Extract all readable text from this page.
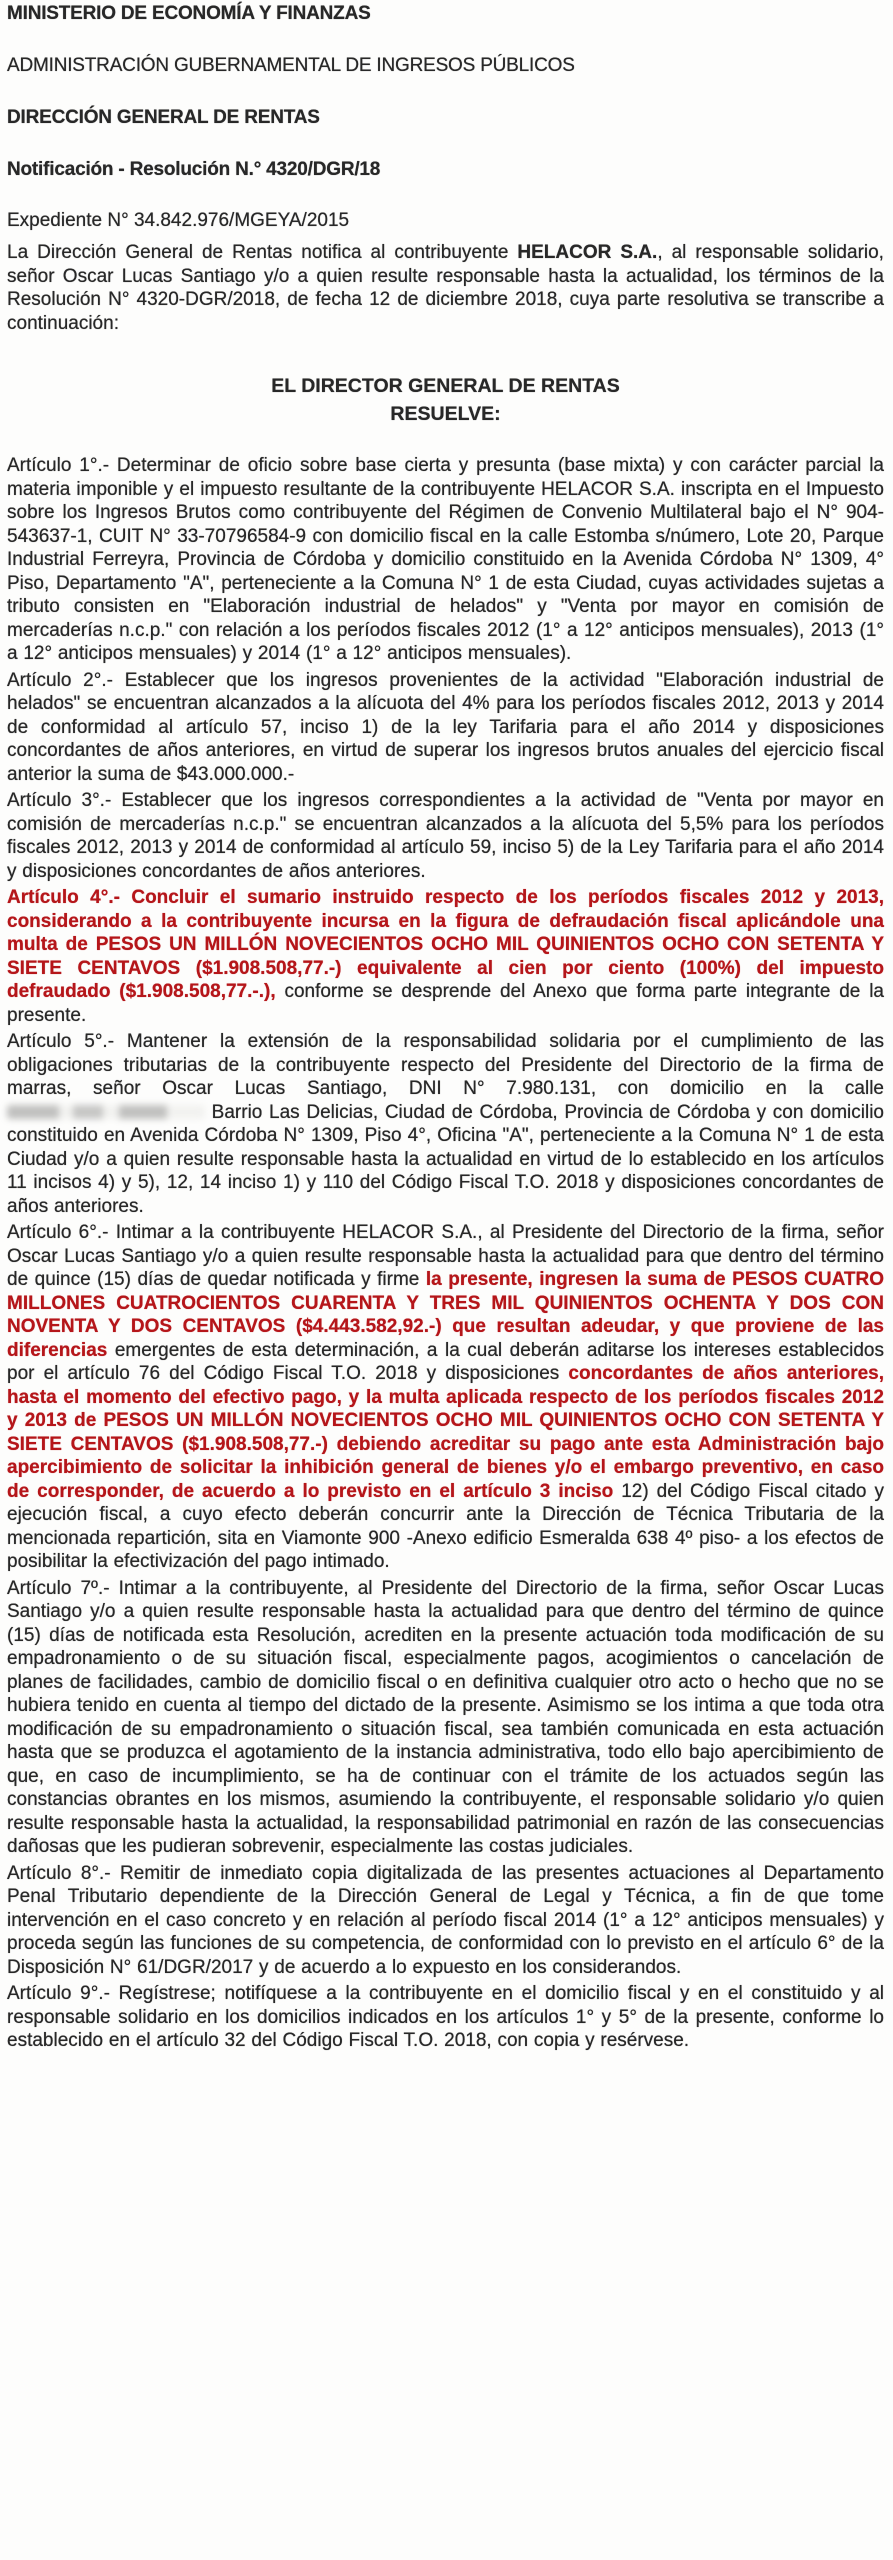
MINISTERIO DE ECONOMÍA Y FINANZAS
ADMINISTRACIÓN GUBERNAMENTAL DE INGRESOS PÚBLICOS
DIRECCIÓN GENERAL DE RENTAS
Notificación - Resolución N.° 4320/DGR/18
Expediente N° 34.842.976/MGEYA/2015

La Dirección General de Rentas notifica al contribuyente HELACOR S.A., al responsable solidario, señor Oscar Lucas Santiago y/o a quien resulte responsable hasta la actualidad, los términos de la Resolución N° 4320-DGR/2018, de fecha 12 de diciembre 2018, cuya parte resolutiva se transcribe a continuación:

EL DIRECTOR GENERAL DE RENTAS
RESUELVE:

Artículo 1°.- Determinar de oficio sobre base cierta y presunta (base mixta) y con carácter parcial la materia imponible y el impuesto resultante de la contribuyente HELACOR S.A. inscripta en el Impuesto sobre los Ingresos Brutos como contribuyente del Régimen de Convenio Multilateral bajo el N° 904-543637-1, CUIT N° 33-70796584-9 con domicilio fiscal en la calle Estomba s/número, Lote 20, Parque Industrial Ferreyra, Provincia de Córdoba y domicilio constituido en la Avenida Córdoba N° 1309, 4° Piso, Departamento "A", perteneciente a la Comuna N° 1 de esta Ciudad, cuyas actividades sujetas a tributo consisten en "Elaboración industrial de helados" y "Venta por mayor en comisión de mercaderías n.c.p." con relación a los períodos fiscales 2012 (1° a 12° anticipos mensuales), 2013 (1° a 12° anticipos mensuales) y 2014 (1° a 12° anticipos mensuales).

Artículo 2°.- Establecer que los ingresos provenientes de la actividad "Elaboración industrial de helados" se encuentran alcanzados a la alícuota del 4% para los períodos fiscales 2012, 2013 y 2014 de conformidad al artículo 57, inciso 1) de la ley Tarifaria para el año 2014 y disposiciones concordantes de años anteriores, en virtud de superar los ingresos brutos anuales del ejercicio fiscal anterior la suma de $43.000.000.-

Artículo 3°.- Establecer que los ingresos correspondientes a la actividad de "Venta por mayor en comisión de mercaderías n.c.p." se encuentran alcanzados a la alícuota del 5,5% para los períodos fiscales 2012, 2013 y 2014 de conformidad al artículo 59, inciso 5) de la Ley Tarifaria para el año 2014 y disposiciones concordantes de años anteriores.

Artículo 4°.- Concluir el sumario instruido respecto de los períodos fiscales 2012 y 2013, considerando a la contribuyente incursa en la figura de defraudación fiscal aplicándole una multa de PESOS UN MILLÓN NOVECIENTOS OCHO MIL QUINIENTOS OCHO CON SETENTA Y SIETE CENTAVOS ($1.908.508,77.-) equivalente al cien por ciento (100%) del impuesto defraudado ($1.908.508,77.-.), conforme se desprende del Anexo que forma parte integrante de la presente.

Artículo 5°.- Mantener la extensión de la responsabilidad solidaria por el cumplimiento de las obligaciones tributarias de la contribuyente respecto del Presidente del Directorio de la firma de marras, señor Oscar Lucas Santiago, DNI N° 7.980.131, con domicilio en la calle  Barrio Las Delicias, Ciudad de Córdoba, Provincia de Córdoba y con domicilio constituido en Avenida Córdoba N° 1309, Piso 4°, Oficina "A", perteneciente a la Comuna N° 1 de esta Ciudad y/o a quien resulte responsable hasta la actualidad en virtud de lo establecido en los artículos 11 incisos 4) y 5), 12, 14 inciso 1) y 110 del Código Fiscal T.O. 2018 y disposiciones concordantes de años anteriores.

Artículo 6°.- Intimar a la contribuyente HELACOR S.A., al Presidente del Directorio de la firma, señor Oscar Lucas Santiago y/o a quien resulte responsable hasta la actualidad para que dentro del término de quince (15) días de quedar notificada y firme la presente, ingresen la suma de PESOS CUATRO MILLONES CUATROCIENTOS CUARENTA Y TRES MIL QUINIENTOS OCHENTA Y DOS CON NOVENTA Y DOS CENTAVOS ($4.443.582,92.-) que resultan adeudar, y que proviene de las diferencias emergentes de esta determinación, a la cual deberán aditarse los intereses establecidos por el artículo 76 del Código Fiscal T.O. 2018 y disposiciones concordantes de años anteriores, hasta el momento del efectivo pago, y la multa aplicada respecto de los períodos fiscales 2012 y 2013 de PESOS UN MILLÓN NOVECIENTOS OCHO MIL QUINIENTOS OCHO CON SETENTA Y SIETE CENTAVOS ($1.908.508,77.-) debiendo acreditar su pago ante esta Administración bajo apercibimiento de solicitar la inhibición general de bienes y/o el embargo preventivo, en caso de corresponder, de acuerdo a lo previsto en el artículo 3 inciso 12) del Código Fiscal citado y ejecución fiscal, a cuyo efecto deberán concurrir ante la Dirección de Técnica Tributaria de la mencionada repartición, sita en Viamonte 900 -Anexo edificio Esmeralda 638 4º piso- a los efectos de posibilitar la efectivización del pago intimado.

Artículo 7º.- Intimar a la contribuyente, al Presidente del Directorio de la firma, señor Oscar Lucas Santiago y/o a quien resulte responsable hasta la actualidad para que dentro del término de quince (15) días de notificada esta Resolución, acrediten en la presente actuación toda modificación de su empadronamiento o de su situación fiscal, especialmente pagos, acogimientos o cancelación de planes de facilidades, cambio de domicilio fiscal o en definitiva cualquier otro acto o hecho que no se hubiera tenido en cuenta al tiempo del dictado de la presente. Asimismo se los intima a que toda otra modificación de su empadronamiento o situación fiscal, sea también comunicada en esta actuación hasta que se produzca el agotamiento de la instancia administrativa, todo ello bajo apercibimiento de que, en caso de incumplimiento, se ha de continuar con el trámite de los actuados según las constancias obrantes en los mismos, asumiendo la contribuyente, el responsable solidario y/o quien resulte responsable hasta la actualidad, la responsabilidad patrimonial en razón de las consecuencias dañosas que les pudieran sobrevenir, especialmente las costas judiciales.

Artículo 8°.- Remitir de inmediato copia digitalizada de las presentes actuaciones al Departamento Penal Tributario dependiente de la Dirección General de Legal y Técnica, a fin de que tome intervención en el caso concreto y en relación al período fiscal 2014 (1° a 12° anticipos mensuales) y proceda según las funciones de su competencia, de conformidad con lo previsto en el artículo 6° de la Disposición N° 61/DGR/2017 y de acuerdo a lo expuesto en los considerandos.

Artículo 9°.- Regístrese; notifíquese a la contribuyente en el domicilio fiscal y en el constituido y al responsable solidario en los domicilios indicados en los artículos 1° y 5° de la presente, conforme lo establecido en el artículo 32 del Código Fiscal T.O. 2018, con copia y resérvese.
